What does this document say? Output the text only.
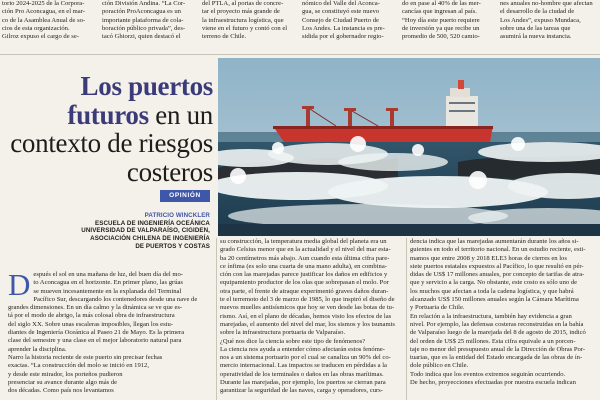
torio 2024-2025 de la Corpora-
ción Pro Aconcagua, en el mar-
co de la Asamblea Anual de so-
cios de esta organización.
Gilroz expuso el cargo de se-
ción División Andina. “La Cor-
poración ProAconcagua es un
importante plataforma de cola-
boración público privada”, des-
tacó Ghiorzi, quien destacó el
del PTLA, al portas de concre-
tar el proyecto más grande de
la infraestructura logística, que
viene en el futuro y contó con el
terreno de Chile.
nómico del Valle del Aconca-
gua, se constituyó este nuevo
Consejo de Ciudad Puerto de
Los Andes. La instancia es pre-
sidida por el gobernador regio-
do en pase al 40% de las mer-
cancías que ingresan al país.
“Hoy día este puerto requiere
de inversión ya que recibe un
promedio de 500, 520 camio-
nes anuales no-hombre que afectan
el desarrollo de la ciudad de
Los Andes”, expuso Mundaca,
sobre una de las tareas que
asumirá la nueva instancia.
Los puertos futuros en un contexto de riesgos costeros
OPINIÓN
PATRICIO WINCKLER
ESCUELA DE INGENIERÍA OCEÁNICA
UNIVERSIDAD DE VALPARAÍSO, CIGIDEN,
ASOCIACIÓN CHILENA DE INGENIERÍA
DE PUERTOS Y COSTAS
D espués el sol en una mañana de luz, del buen día del mo-
to Aconcagua en el horizonte. En primer plano, las grúas
se mueven incesantemente en la explanada del Terminal
Pacífico Sur, descargando los contenedores desde una nave de
grandes dimensiones. En un día calmo y la dinámica se ve que es-
tá por el modo de abrigo, la más colosal obra de infraestructura
del siglo XX. Sobre unas escaleras imposibles, llegan los estu-
diantes de Ingeniería Oceánica al Paseo 21 de Mayo. Es la primera
clase del semestre y una clase en el mejor laboratorio natural para
aprender la disciplina.
Narro la historia reciente de este puerto sin precisar fechas
exactas. “La construcción del molo se inició en 1912,
y desde este mirador, los porteños pudieron
presenciar su avance durante algo más de
dos décadas. Como país nos levantamos
su construcción, la temperatura media global del planeta era un
grado Celsius menor que en la actualidad y el nivel del mar esta-
ba 20 centímetros más abajo. Aun cuando esta última cifra pare-
ce ínfima (es solo una cuarta de una mano adulta), en combina-
ción con las marejadas parece justificar los daños en edificios y
equipamiento productor de los olas que sobrepasan el molo. Por
otra parte, el frente de atraque experimentó graves daños duran-
te el terremoto del 3 de marzo de 1985, lo que inspiró el diseño de
nuevos muelles antisísmicos que hoy se ven desde las botas de tu-
rismo. Así, en el plano de décadas, hemos visto los efectos de las
marejadas, el aumento del nivel del mar, los sismos y los tsunamis
sobre la infraestructura portuaria de Valparaíso.
¿Qué nos dice la ciencia sobre este tipo de fenómenos?
La ciencia nos ayuda a entender cómo afectarán estos fenóme-
nos a un sistema portuario por el cual se canaliza un 90% del co-
mercio internacional. Las impactos se traducen en pérdidas a la
operatividad de los terminales o daños en las obras marítimas.
Durante las marejadas, por ejemplo, los puertos se cierran para
garantizar la seguridad de las naves, carga y operadores, curs-
dencia indica que las marejadas aumentarán durante los años si-
guientes en todo el territorio nacional. En un estudio reciente, esti-
mamos que entre 2008 y 2018 ELE3 horas de cierres en los
siete puertos estatales expuestos al Pacífico, lo que resultó en pér-
didas de US$ 17 millones anuales, por concepto de tarifas de atra-
que y servicio a la carga. No obstante, este costo es sólo uno de
los muchos que afectan a toda la cadena logística, y que habrá
alcanzado US$ 150 millones anuales según la Cámara Marítima
y Portuaria de Chile.
En relación a la infraestructura, también hay evidencia a gran
nivel. Por ejemplo, las defensas costeras reconstruidas en la bahía
de Valparaíso luego de la marejada del 8 de agosto de 2015, indicó
del orden de US$ 25 millones. Esta cifra equivale a un porcen-
taje no menor del presupuesto anual de la Dirección de Obras Por-
tuarias, que es la entidad del Estado encargada de las obras de ín-
dole público en Chile.
Todo indica que los eventos extremos seguirán ocurriendo.
De hecho, proyecciones efectuadas por nuestra escuela indican
